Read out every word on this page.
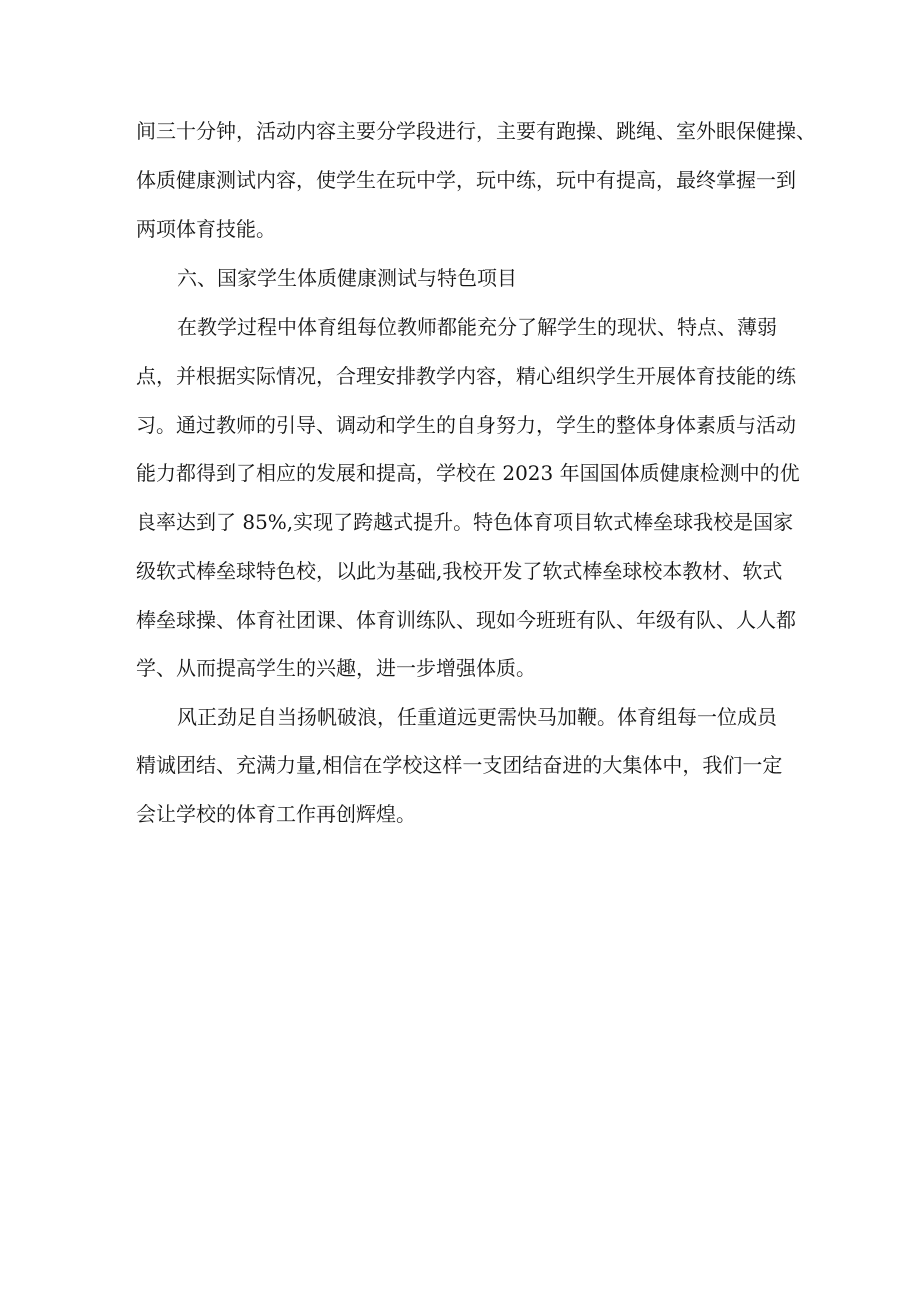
间三十分钟，活动内容主要分学段进行，主要有跑操、跳绳、室外眼保健操、
体质健康测试内容，使学生在玩中学，玩中练，玩中有提高，最终掌握一到
两项体育技能。
六、国家学生体质健康测试与特色项目
在教学过程中体育组每位教师都能充分了解学生的现状、特点、薄弱
点，并根据实际情况，合理安排教学内容，精心组织学生开展体育技能的练
习。通过教师的引导、调动和学生的自身努力，学生的整体身体素质与活动
能力都得到了相应的发展和提高，学校在 2023 年国国体质健康检测中的优
良率达到了 85%,实现了跨越式提升。特色体育项目软式棒垒球我校是国家
级软式棒垒球特色校，以此为基础,我校开发了软式棒垒球校本教材、软式
棒垒球操、体育社团课、体育训练队、现如今班班有队、年级有队、人人都
学、从而提高学生的兴趣，进一步增强体质。
风正劲足自当扬帆破浪，任重道远更需快马加鞭。体育组每一位成员
精诚团结、充满力量,相信在学校这样一支团结奋进的大集体中，我们一定
会让学校的体育工作再创辉煌。
